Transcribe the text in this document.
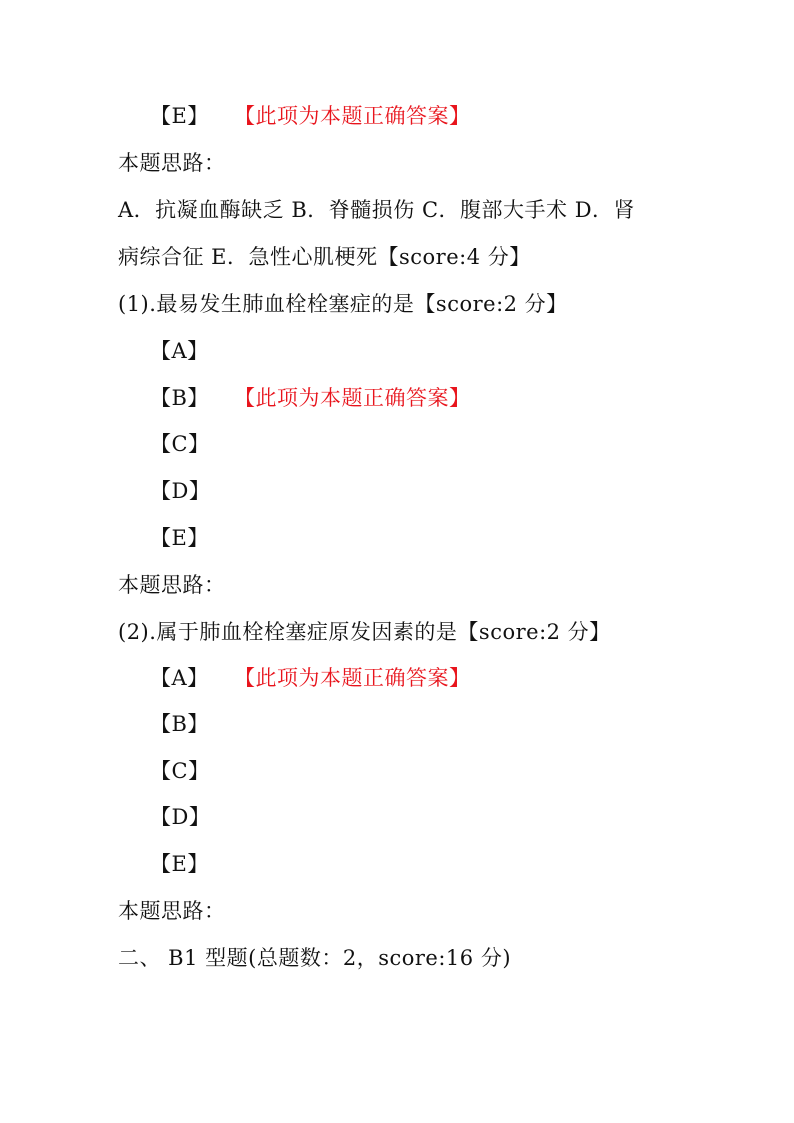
【E】 【此项为本题正确答案】
本题思路：
A．抗凝血酶缺乏 B．脊髓损伤 C．腹部大手术 D．肾
病综合征 E．急性心肌梗死【score:4 分】
(1).最易发生肺血栓栓塞症的是【score:2 分】
【A】
【B】 【此项为本题正确答案】
【C】
【D】
【E】
本题思路：
(2).属于肺血栓栓塞症原发因素的是【score:2 分】
【A】 【此项为本题正确答案】
【B】
【C】
【D】
【E】
本题思路：
二、 B1 型题(总题数：2，score:16 分)
